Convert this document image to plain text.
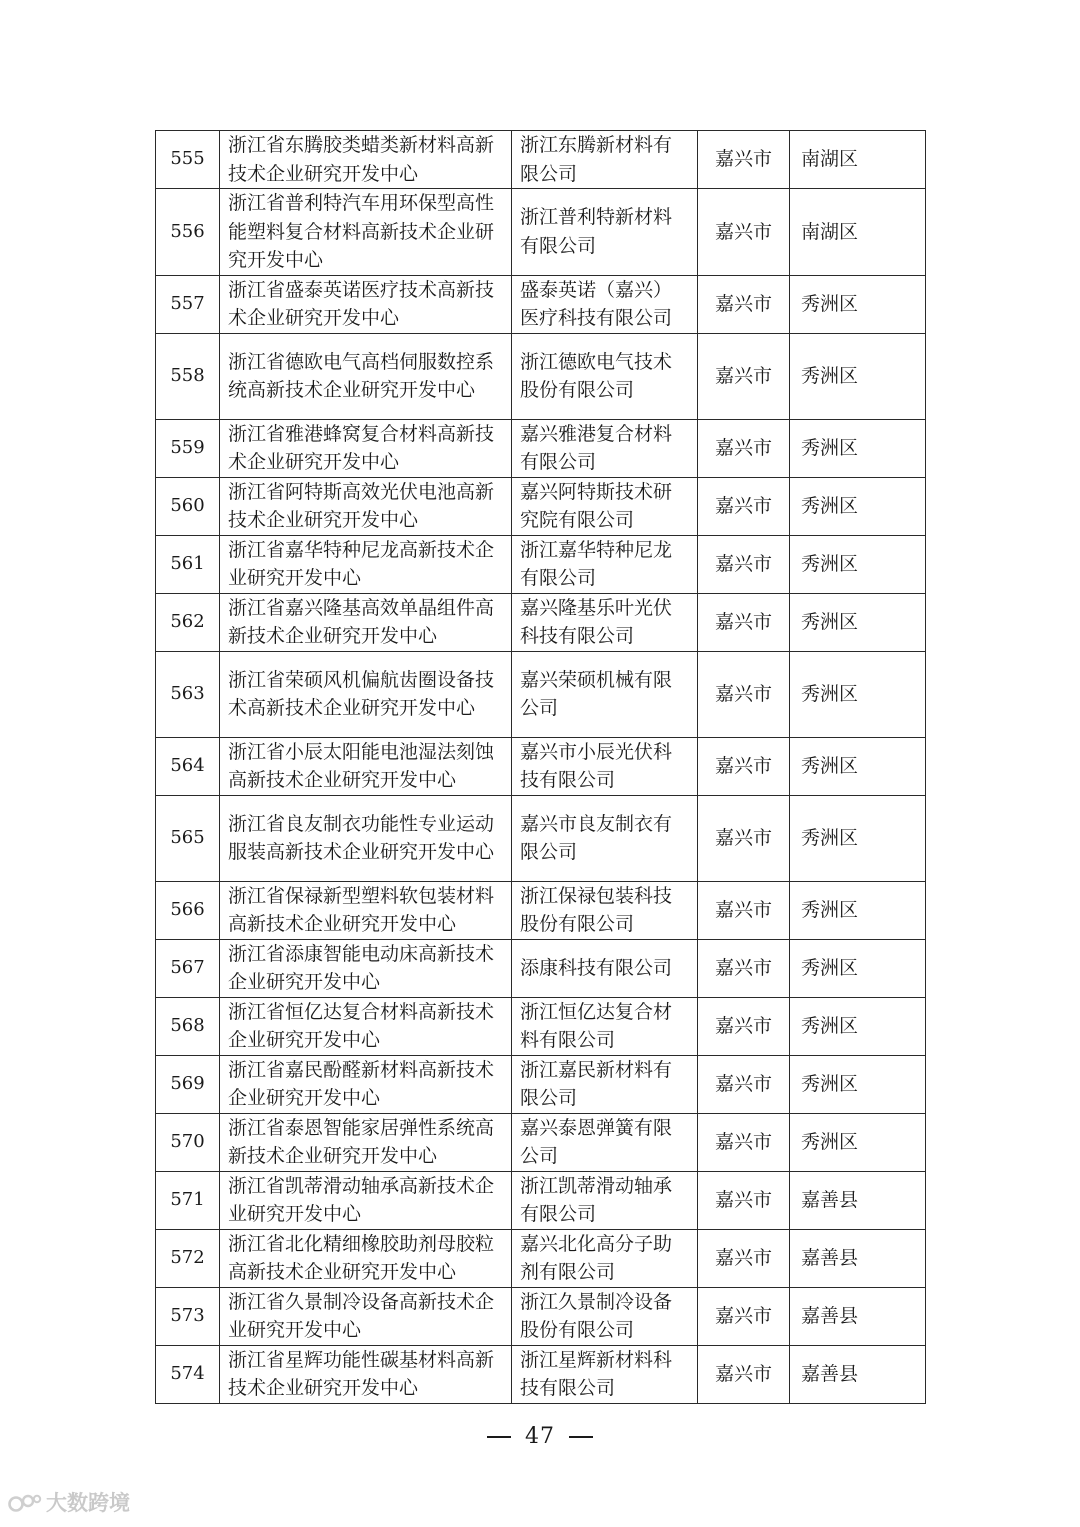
555	浙江省东腾胶类蜡类新材料高新技术企业研究开发中心	浙江东腾新材料有限公司	嘉兴市	南湖区
556	浙江省普利特汽车用环保型高性能塑料复合材料高新技术企业研究开发中心	浙江普利特新材料有限公司	嘉兴市	南湖区
557	浙江省盛泰英诺医疗技术高新技术企业研究开发中心	盛泰英诺（嘉兴）医疗科技有限公司	嘉兴市	秀洲区
558	浙江省德欧电气高档伺服数控系统高新技术企业研究开发中心	浙江德欧电气技术股份有限公司	嘉兴市	秀洲区
559	浙江省雅港蜂窝复合材料高新技术企业研究开发中心	嘉兴雅港复合材料有限公司	嘉兴市	秀洲区
560	浙江省阿特斯高效光伏电池高新技术企业研究开发中心	嘉兴阿特斯技术研究院有限公司	嘉兴市	秀洲区
561	浙江省嘉华特种尼龙高新技术企业研究开发中心	浙江嘉华特种尼龙有限公司	嘉兴市	秀洲区
562	浙江省嘉兴隆基高效单晶组件高新技术企业研究开发中心	嘉兴隆基乐叶光伏科技有限公司	嘉兴市	秀洲区
563	浙江省荣硕风机偏航齿圈设备技术高新技术企业研究开发中心	嘉兴荣硕机械有限公司	嘉兴市	秀洲区
564	浙江省小辰太阳能电池湿法刻蚀高新技术企业研究开发中心	嘉兴市小辰光伏科技有限公司	嘉兴市	秀洲区
565	浙江省良友制衣功能性专业运动服装高新技术企业研究开发中心	嘉兴市良友制衣有限公司	嘉兴市	秀洲区
566	浙江省保禄新型塑料软包装材料高新技术企业研究开发中心	浙江保禄包装科技股份有限公司	嘉兴市	秀洲区
567	浙江省添康智能电动床高新技术企业研究开发中心	添康科技有限公司	嘉兴市	秀洲区
568	浙江省恒亿达复合材料高新技术企业研究开发中心	浙江恒亿达复合材料有限公司	嘉兴市	秀洲区
569	浙江省嘉民酚醛新材料高新技术企业研究开发中心	浙江嘉民新材料有限公司	嘉兴市	秀洲区
570	浙江省泰恩智能家居弹性系统高新技术企业研究开发中心	嘉兴泰恩弹簧有限公司	嘉兴市	秀洲区
571	浙江省凯蒂滑动轴承高新技术企业研究开发中心	浙江凯蒂滑动轴承有限公司	嘉兴市	嘉善县
572	浙江省北化精细橡胶助剂母胶粒高新技术企业研究开发中心	嘉兴北化高分子助剂有限公司	嘉兴市	嘉善县
573	浙江省久景制冷设备高新技术企业研究开发中心	浙江久景制冷设备股份有限公司	嘉兴市	嘉善县
574	浙江省星辉功能性碳基材料高新技术企业研究开发中心	浙江星辉新材料科技有限公司	嘉兴市	嘉善县
47
大数跨境
